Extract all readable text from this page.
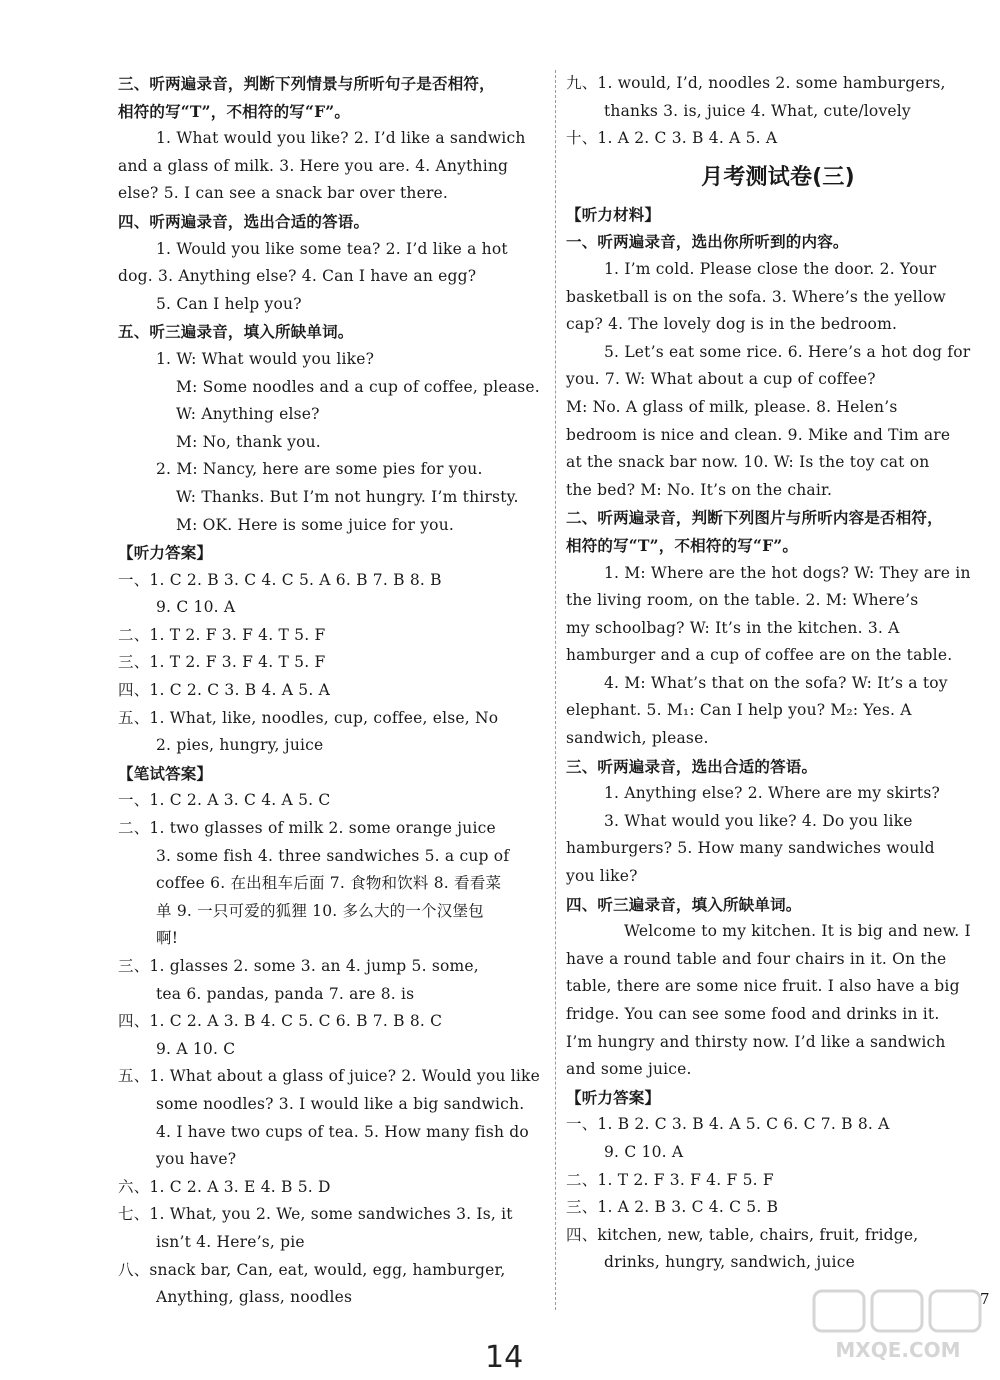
三、听两遍录音，判断下列情景与所听句子是否相符，
相符的写“T”，不相符的写“F”。
1. What would you like? 2. I’d like a sandwich
and a glass of milk. 3. Here you are. 4. Anything
else? 5. I can see a snack bar over there.
四、听两遍录音，选出合适的答语。
1. Would you like some tea? 2. I’d like a hot
dog. 3. Anything else? 4. Can I have an egg?
5. Can I help you?
五、听三遍录音，填入所缺单词。
1. W: What would you like?
M: Some noodles and a cup of coffee, please.
W: Anything else?
M: No, thank you.
2. M: Nancy, here are some pies for you.
W: Thanks. But I’m not hungry. I’m thirsty.
M: OK. Here is some juice for you.
【听力答案】
一、1. C 2. B 3. C 4. C 5. A 6. B 7. B 8. B
9. C 10. A
二、1. T 2. F 3. F 4. T 5. F
三、1. T 2. F 3. F 4. T 5. F
四、1. C 2. C 3. B 4. A 5. A
五、1. What, like, noodles, cup, coffee, else, No
2. pies, hungry, juice
【笔试答案】
一、1. C 2. A 3. C 4. A 5. C
二、1. two glasses of milk 2. some orange juice
3. some fish 4. three sandwiches 5. a cup of
coffee 6. 在出租车后面 7. 食物和饮料 8. 看看菜
单 9. 一只可爱的狐狸 10. 多么大的一个汉堡包
啊!
三、1. glasses 2. some 3. an 4. jump 5. some,
tea 6. pandas, panda 7. are 8. is
四、1. C 2. A 3. B 4. C 5. C 6. B 7. B 8. C
9. A 10. C
五、1. What about a glass of juice? 2. Would you like
some noodles? 3. I would like a big sandwich.
4. I have two cups of tea. 5. How many fish do
you have?
六、1. C 2. A 3. E 4. B 5. D
七、1. What, you 2. We, some sandwiches 3. Is, it
isn’t 4. Here’s, pie
八、snack bar, Can, eat, would, egg, hamburger,
Anything, glass, noodles
九、1. would, I’d, noodles 2. some hamburgers,
thanks 3. is, juice 4. What, cute/lovely
十、1. A 2. C 3. B 4. A 5. A
月考测试卷(三)
【听力材料】
一、听两遍录音，选出你所听到的内容。
1. I’m cold. Please close the door. 2. Your
basketball is on the sofa. 3. Where’s the yellow
cap? 4. The lovely dog is in the bedroom.
5. Let’s eat some rice. 6. Here’s a hot dog for
you. 7. W: What about a cup of coffee?
M: No. A glass of milk, please. 8. Helen’s
bedroom is nice and clean. 9. Mike and Tim are
at the snack bar now. 10. W: Is the toy cat on
the bed? M: No. It’s on the chair.
二、听两遍录音，判断下列图片与所听内容是否相符，
相符的写“T”，不相符的写“F”。
1. M: Where are the hot dogs? W: They are in
the living room, on the table. 2. M: Where’s
my schoolbag? W: It’s in the kitchen. 3. A
hamburger and a cup of coffee are on the table.
4. M: What’s that on the sofa? W: It’s a toy
elephant. 5. M₁: Can I help you? M₂: Yes. A
sandwich, please.
三、听两遍录音，选出合适的答语。
1. Anything else? 2. Where are my skirts?
3. What would you like? 4. Do you like
hamburgers? 5. How many sandwiches would
you like?
四、听三遍录音，填入所缺单词。
Welcome to my kitchen. It is big and new. I
have a round table and four chairs in it. On the
table, there are some nice fruit. I also have a big
fridge. You can see some food and drinks in it.
I’m hungry and thirsty now. I’d like a sandwich
and some juice.
【听力答案】
一、1. B 2. C 3. B 4. A 5. C 6. C 7. B 8. A
9. C 10. A
二、1. T 2. F 3. F 4. F 5. F
三、1. A 2. B 3. C 4. C 5. B
四、kitchen, new, table, chairs, fruit, fridge,
drinks, hungry, sandwich, juice
14
7
MXQE.COM
